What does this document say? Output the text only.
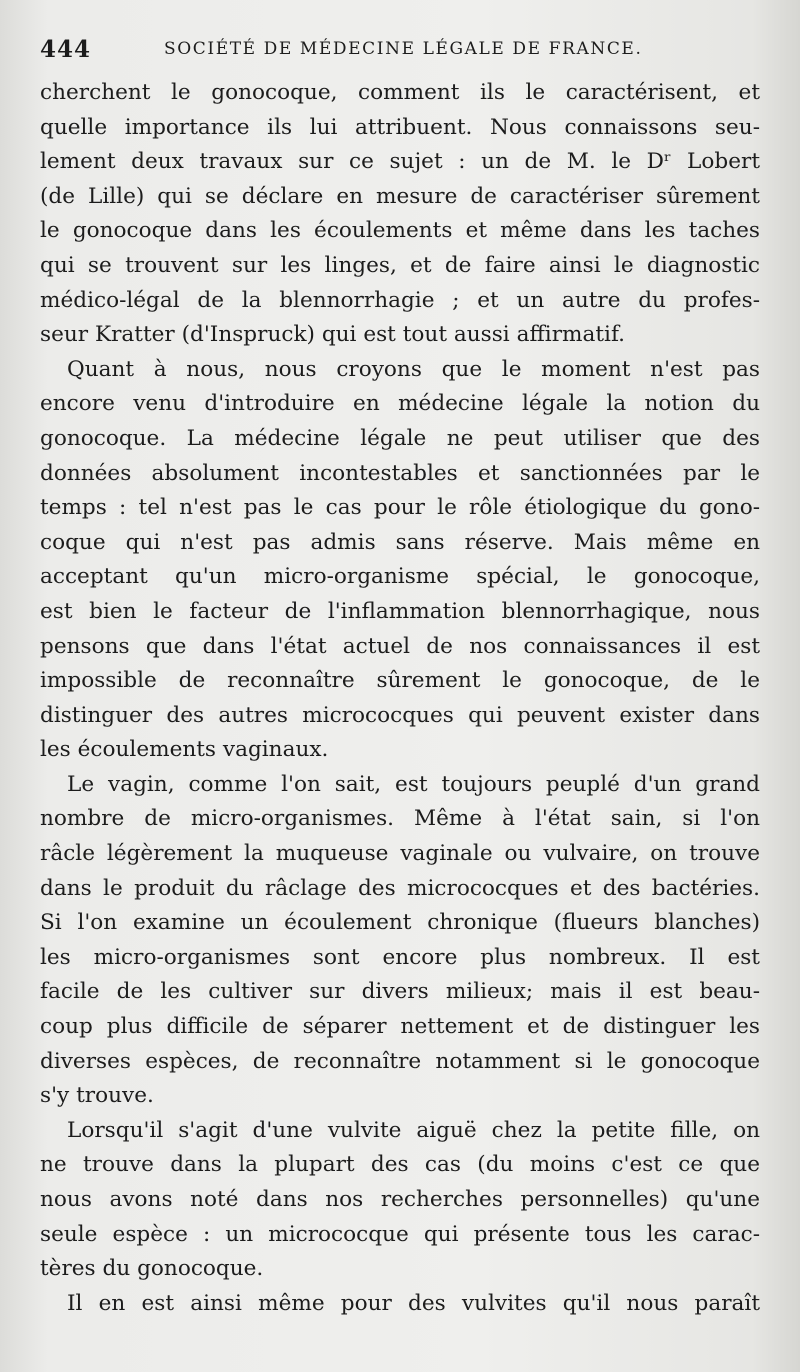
444	SOCIÉTÉ DE MÉDECINE LÉGALE DE FRANCE.
cherchent le gonocoque, comment ils le caractérisent, et
quelle importance ils lui attribuent. Nous connaissons seu-
lement deux travaux sur ce sujet : un de M. le Dʳ Lobert
(de Lille) qui se déclare en mesure de caractériser sûrement
le gonocoque dans les écoulements et même dans les taches
qui se trouvent sur les linges, et de faire ainsi le diagnostic
médico-légal de la blennorrhagie ; et un autre du profes-
seur Kratter (d'Inspruck) qui est tout aussi affirmatif.
Quant à nous, nous croyons que le moment n'est pas
encore venu d'introduire en médecine légale la notion du
gonocoque. La médecine légale ne peut utiliser que des
données absolument incontestables et sanctionnées par le
temps : tel n'est pas le cas pour le rôle étiologique du gono-
coque qui n'est pas admis sans réserve. Mais même en
acceptant qu'un micro-organisme spécial, le gonocoque,
est bien le facteur de l'inflammation blennorrhagique, nous
pensons que dans l'état actuel de nos connaissances il est
impossible de reconnaître sûrement le gonocoque, de le
distinguer des autres micrococques qui peuvent exister dans
les écoulements vaginaux.
Le vagin, comme l'on sait, est toujours peuplé d'un grand
nombre de micro-organismes. Même à l'état sain, si l'on
râcle légèrement la muqueuse vaginale ou vulvaire, on trouve
dans le produit du râclage des micrococques et des bactéries.
Si l'on examine un écoulement chronique (flueurs blanches)
les micro-organismes sont encore plus nombreux. Il est
facile de les cultiver sur divers milieux; mais il est beau-
coup plus difficile de séparer nettement et de distinguer les
diverses espèces, de reconnaître notamment si le gonocoque
s'y trouve.
Lorsqu'il s'agit d'une vulvite aiguë chez la petite fille, on
ne trouve dans la plupart des cas (du moins c'est ce que
nous avons noté dans nos recherches personnelles) qu'une
seule espèce : un micrococque qui présente tous les carac-
tères du gonocoque.
Il en est ainsi même pour des vulvites qu'il nous paraît
